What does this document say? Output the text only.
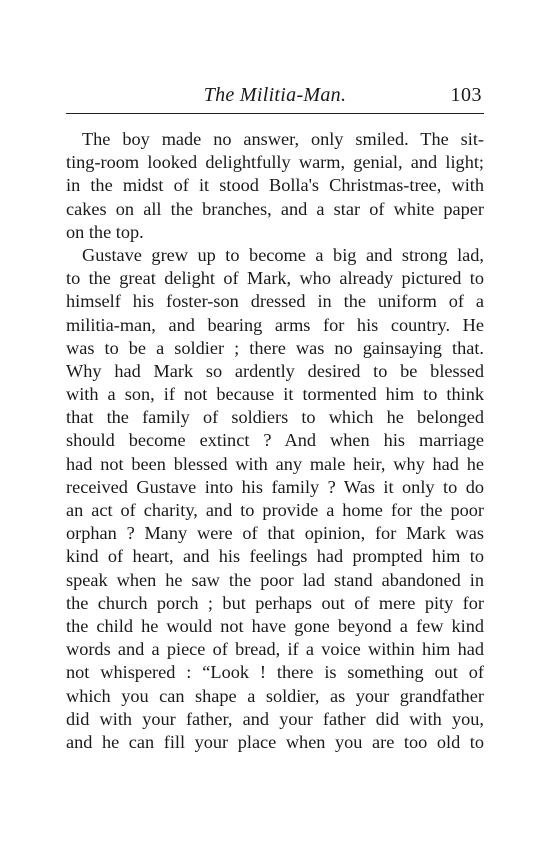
The Militia-Man.	103
The boy made no answer, only smiled. The sit-
ting-room looked delightfully warm, genial, and light;
in the midst of it stood Bolla's Christmas-tree, with
cakes on all the branches, and a star of white paper
on the top.
Gustave grew up to become a big and strong lad,
to the great delight of Mark, who already pictured to
himself his foster-son dressed in the uniform of a
militia-man, and bearing arms for his country. He
was to be a soldier ; there was no gainsaying that.
Why had Mark so ardently desired to be blessed
with a son, if not because it tormented him to think
that the family of soldiers to which he belonged
should become extinct ? And when his marriage
had not been blessed with any male heir, why had he
received Gustave into his family ? Was it only to do
an act of charity, and to provide a home for the poor
orphan ? Many were of that opinion, for Mark was
kind of heart, and his feelings had prompted him to
speak when he saw the poor lad stand abandoned in
the church porch ; but perhaps out of mere pity for
the child he would not have gone beyond a few kind
words and a piece of bread, if a voice within him had
not whispered : “Look ! there is something out of
which you can shape a soldier, as your grandfather
did with your father, and your father did with you,
and he can fill your place when you are too old to
